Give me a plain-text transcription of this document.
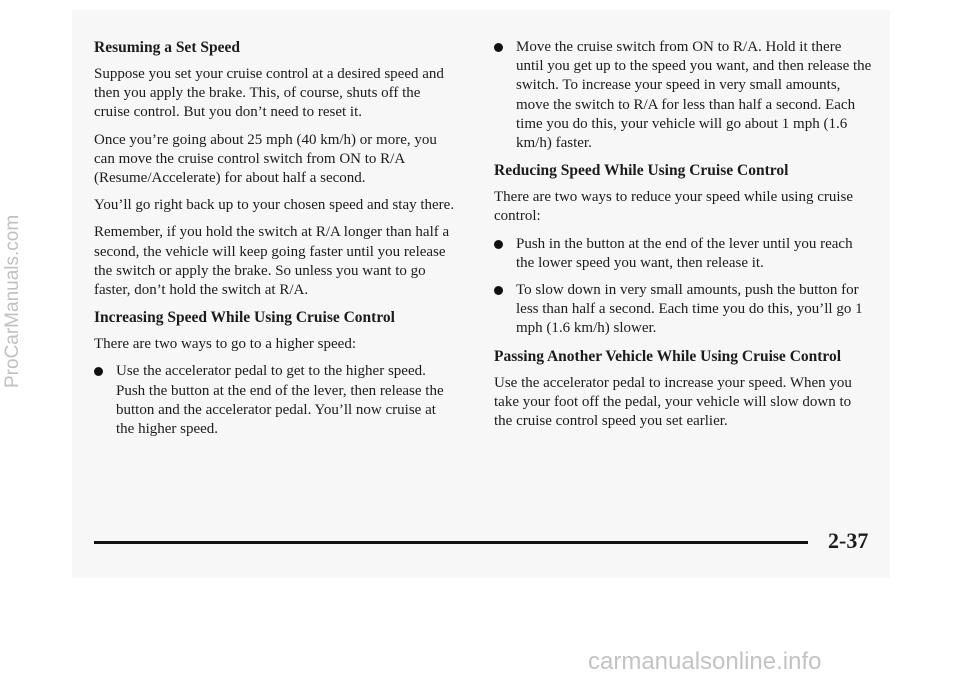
Resuming a Set Speed
Suppose you set your cruise control at a desired speed and then you apply the brake. This, of course, shuts off the cruise control. But you don’t need to reset it.
Once you’re going about 25 mph (40 km/h) or more, you can move the cruise control switch from ON to R/A (Resume/Accelerate) for about half a second.
You’ll go right back up to your chosen speed and stay there.
Remember, if you hold the switch at R/A longer than half a second, the vehicle will keep going faster until you release the switch or apply the brake. So unless you want to go faster, don’t hold the switch at R/A.
Increasing Speed While Using Cruise Control
There are two ways to go to a higher speed:
Use the accelerator pedal to get to the higher speed. Push the button at the end of the lever, then release the button and the accelerator pedal. You’ll now cruise at the higher speed.
Move the cruise switch from ON to R/A. Hold it there until you get up to the speed you want, and then release the switch. To increase your speed in very small amounts, move the switch to R/A for less than half a second. Each time you do this, your vehicle will go about 1 mph (1.6 km/h) faster.
Reducing Speed While Using Cruise Control
There are two ways to reduce your speed while using cruise control:
Push in the button at the end of the lever until you reach the lower speed you want, then release it.
To slow down in very small amounts, push the button for less than half a second. Each time you do this, you’ll go 1 mph (1.6 km/h) slower.
Passing Another Vehicle While Using Cruise Control
Use the accelerator pedal to increase your speed. When you take your foot off the pedal, your vehicle will slow down to the cruise control speed you set earlier.
2-37
ProCarManuals.com
carmanualsonline.info
